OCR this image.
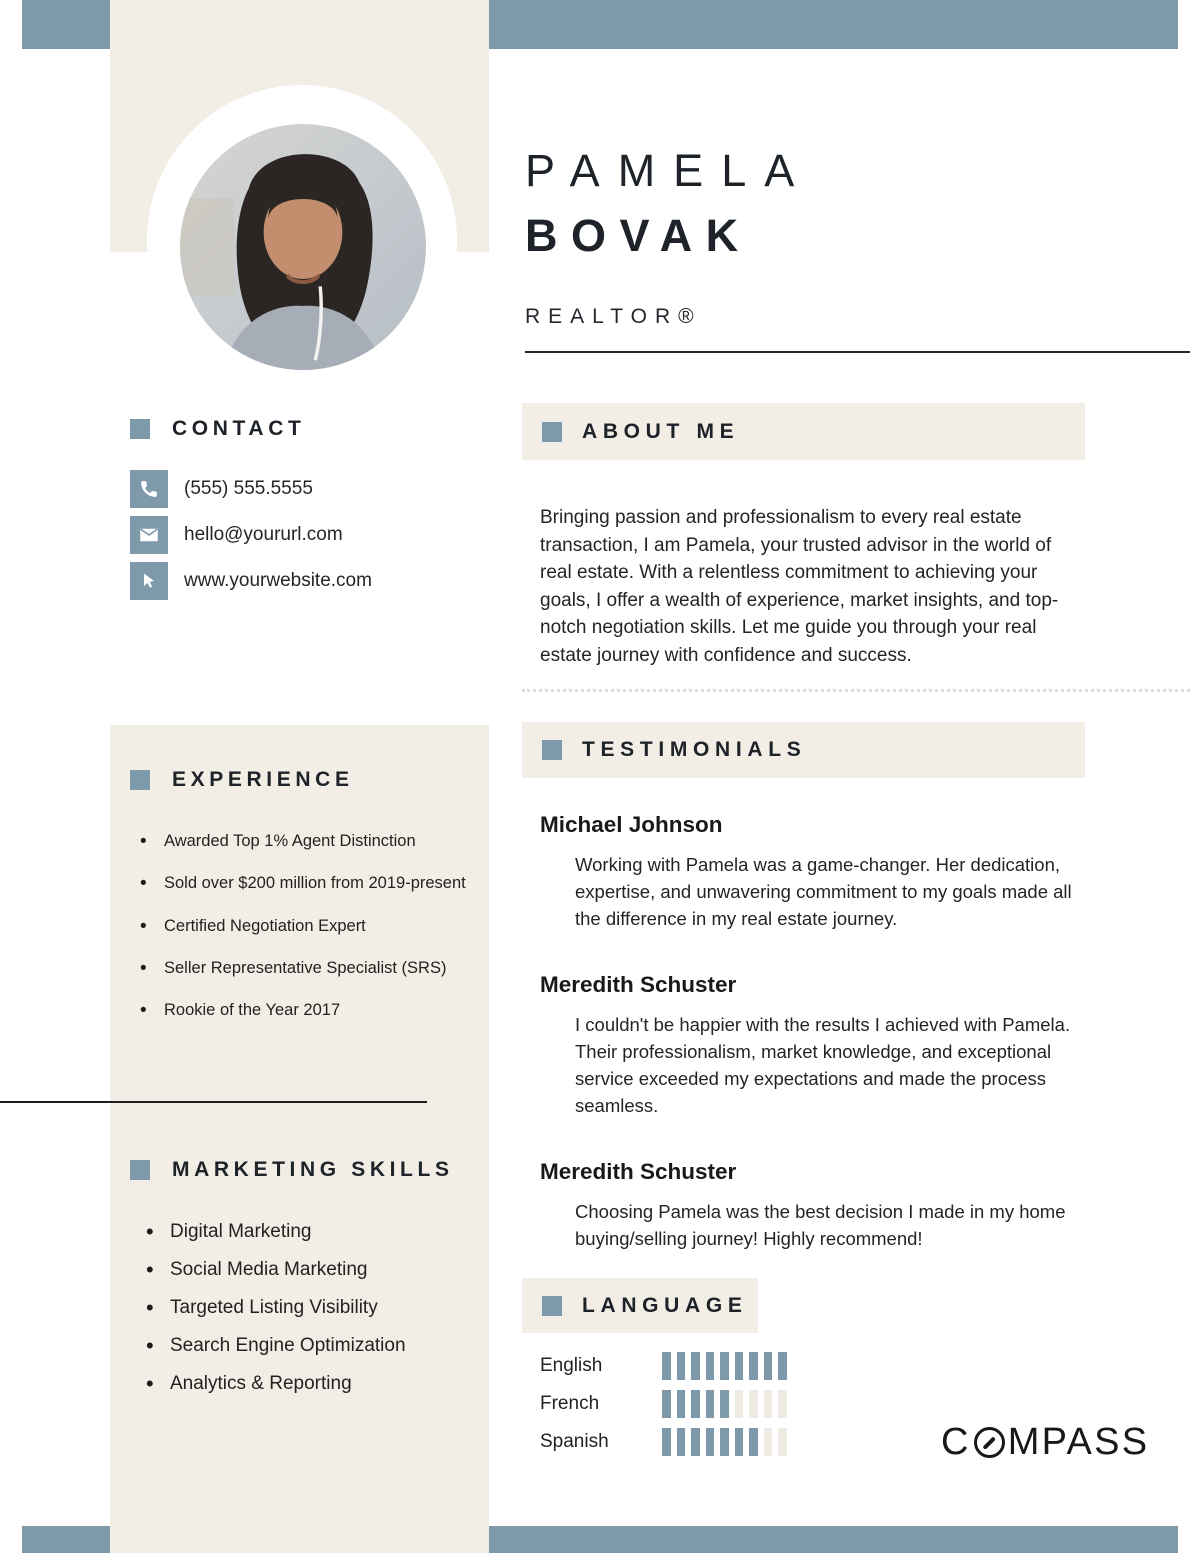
PAMELA
BOVAK
REALTOR®
CONTACT
(555) 555.5555
hello@yoururl.com
www.yourwebsite.com
EXPERIENCE
• Awarded Top 1% Agent Distinction
• Sold over $200 million from 2019-present
• Certified Negotiation Expert
• Seller Representative Specialist (SRS)
• Rookie of the Year 2017
MARKETING SKILLS
• Digital Marketing
• Social Media Marketing
• Targeted Listing Visibility
• Search Engine Optimization
• Analytics & Reporting
ABOUT ME
Bringing passion and professionalism to every real estate transaction, I am Pamela, your trusted advisor in the world of real estate. With a relentless commitment to achieving your goals, I offer a wealth of experience, market insights, and top-notch negotiation skills. Let me guide you through your real estate journey with confidence and success.
TESTIMONIALS
Michael Johnson
Working with Pamela was a game-changer. Her dedication, expertise, and unwavering commitment to my goals made all the difference in my real estate journey.
Meredith Schuster
I couldn't be happier with the results I achieved with Pamela. Their professionalism, market knowledge, and exceptional service exceeded my expectations and made the process seamless.
Meredith Schuster
Choosing Pamela was the best decision I made in my home buying/selling journey! Highly recommend!
LANGUAGE
English
French
Spanish	C MPASS
